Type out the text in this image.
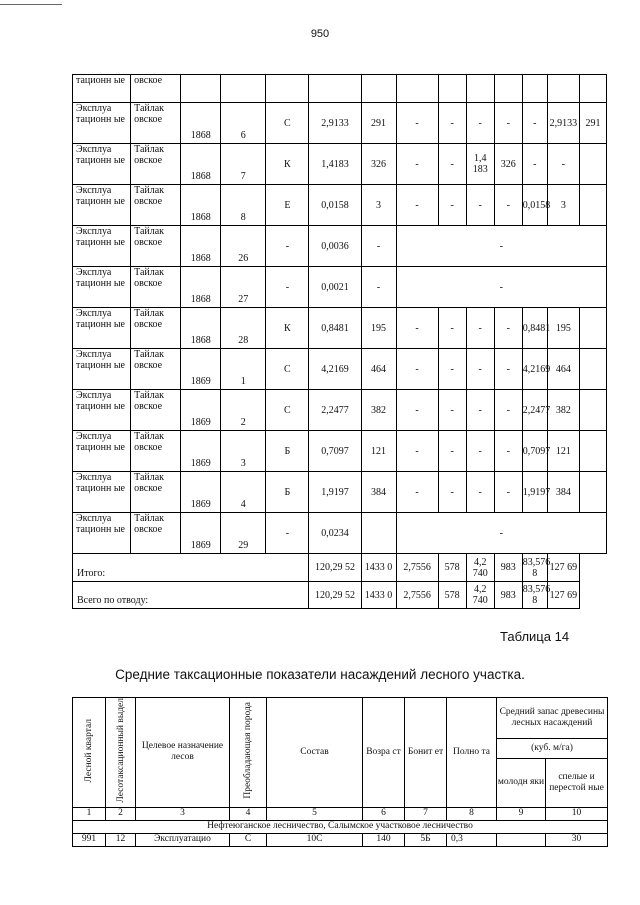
950
тационн ые	овское												
Эксплуа тационн ые	Тайлак овское	1868	6	С	2,9133	291	-	-	-	-	-	2,9133	291
Эксплуа тационн ые	Тайлак овское	1868	7	К	1,4183	326	-	-	1,4 183	326	-	-	
Эксплуа тационн ые	Тайлак овское	1868	8	Е	0,0158	3	-	-	-	-	0,0158	3	
Эксплуа тационн ые	Тайлак овское	1868	26	-	0,0036	-	-						
Эксплуа тационн ые	Тайлак овское	1868	27	-	0,0021	-	-						
Эксплуа тационн ые	Тайлак овское	1868	28	К	0,8481	195	-	-	-	-	0,8481	195	
Эксплуа тационн ые	Тайлак овское	1869	1	С	4,2169	464	-	-	-	-	4,2169	464	
Эксплуа тационн ые	Тайлак овское	1869	2	С	2,2477	382	-	-	-	-	2,2477	382	
Эксплуа тационн ые	Тайлак овское	1869	3	Б	0,7097	121	-	-	-	-	0,7097	121	
Эксплуа тационн ые	Тайлак овское	1869	4	Б	1,9197	384	-	-	-	-	1,9197	384	
Эксплуа тационн ые	Тайлак овское	1869	29	-	0,0234		-						
Итого:					120,29 52	1433 0	2,7556	578	4,2 740	983	83,576 8	127 69	
Всего по отводу:					120,29 52	1433 0	2,7556	578	4,2 740	983	83,576 8	127 69	
Таблица 14
Средние таксационные показатели насаждений лесного участка.
Лесной квартал	Лесотаксационный выдел	Целевое назначение лесов	Преобладающая порода	Состав	Возра ст	Бонит ет	Полно та	Средний запас древесины лесных насаждений	
								(куб. м/га)	
								молодн яки	спелые и перестой ные
1	2	3	4	5	6	7	8	9	10
Нефтеюганское лесничество, Салымское участковое лесничество									
991	12	Эксплуатацио	С	10С	140	5Б	0,3		30
